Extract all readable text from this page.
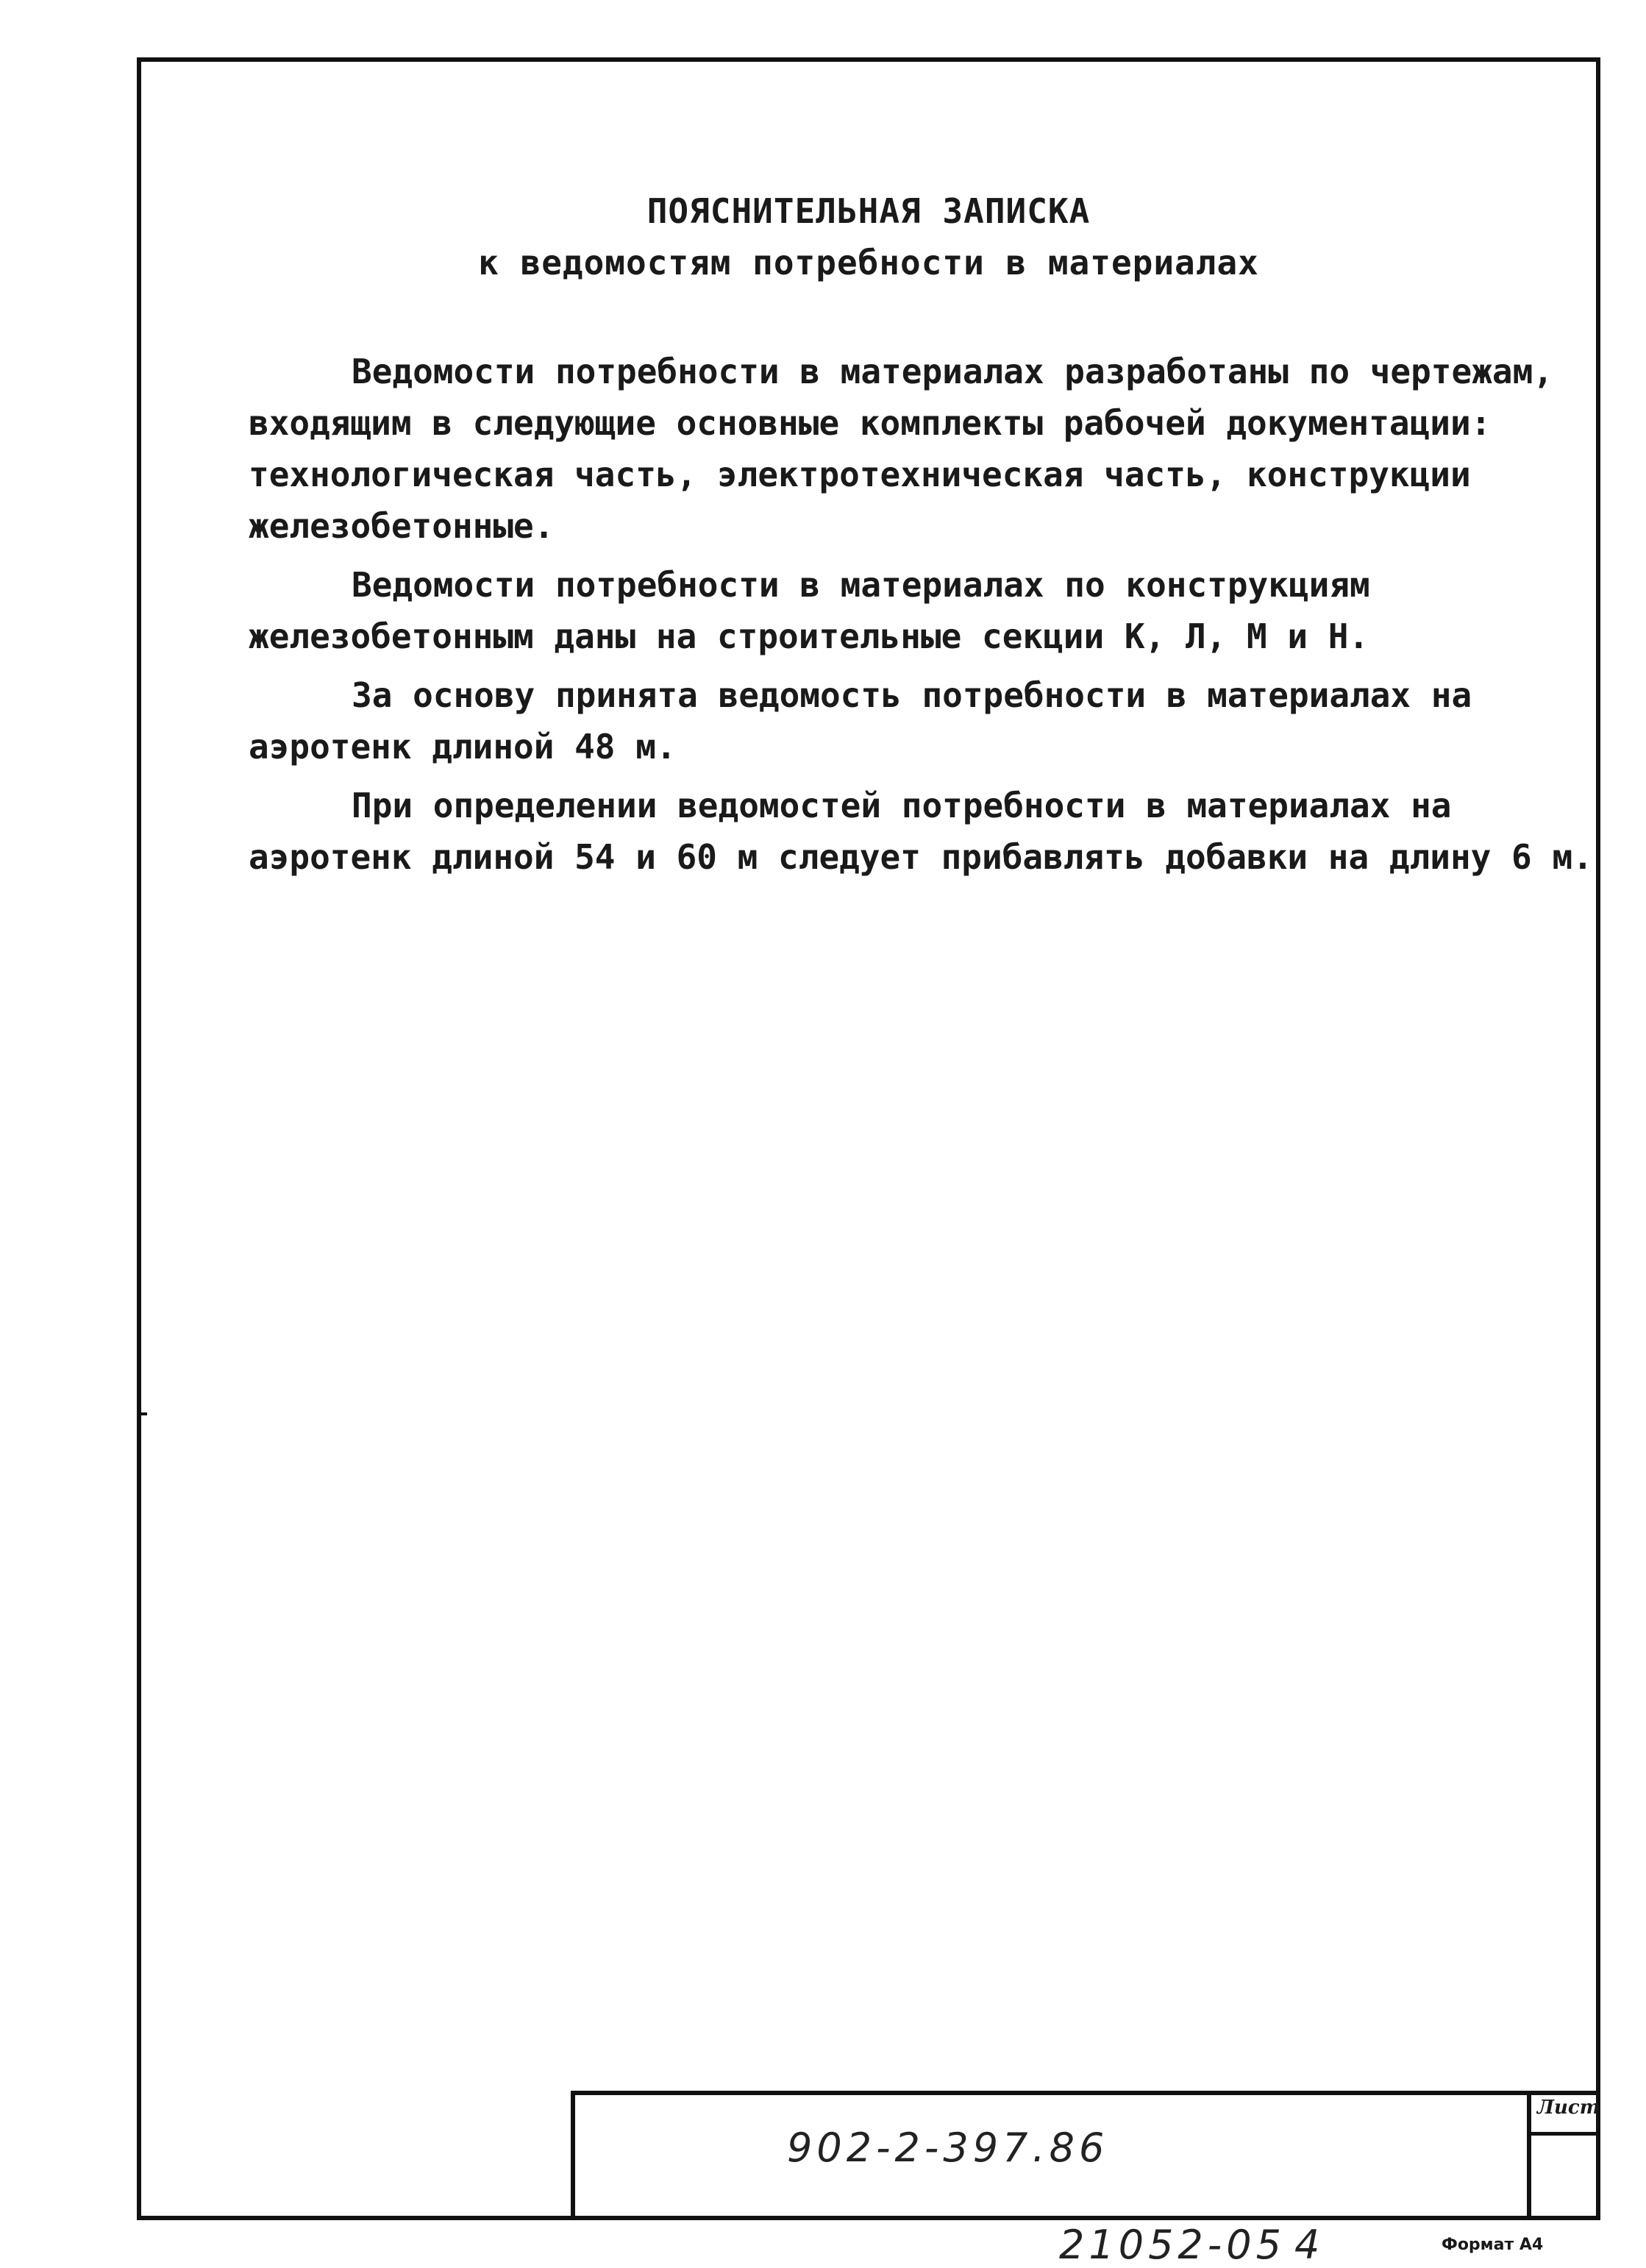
ПОЯСНИТЕЛЬНАЯ ЗАПИСКА
к ведомостям потребности в материалах
Ведомости потребности в материалах разработаны по чертежам, входящим в следующие основные комплекты рабочей документации: технологическая часть, электротехническая часть, конструкции железобетонные.
Ведомости потребности в материалах по конструкциям железобетонным даны на строительные секции К, Л, М и Н.
За основу принята ведомость потребности в материалах на аэротенк длиной 48 м.
При определении ведомостей потребности в материалах на аэротенк длиной 54 и 60 м следует прибавлять добавки на длину 6 м.
902-2-397.86
Лист
21052-05 4	Формат А4
